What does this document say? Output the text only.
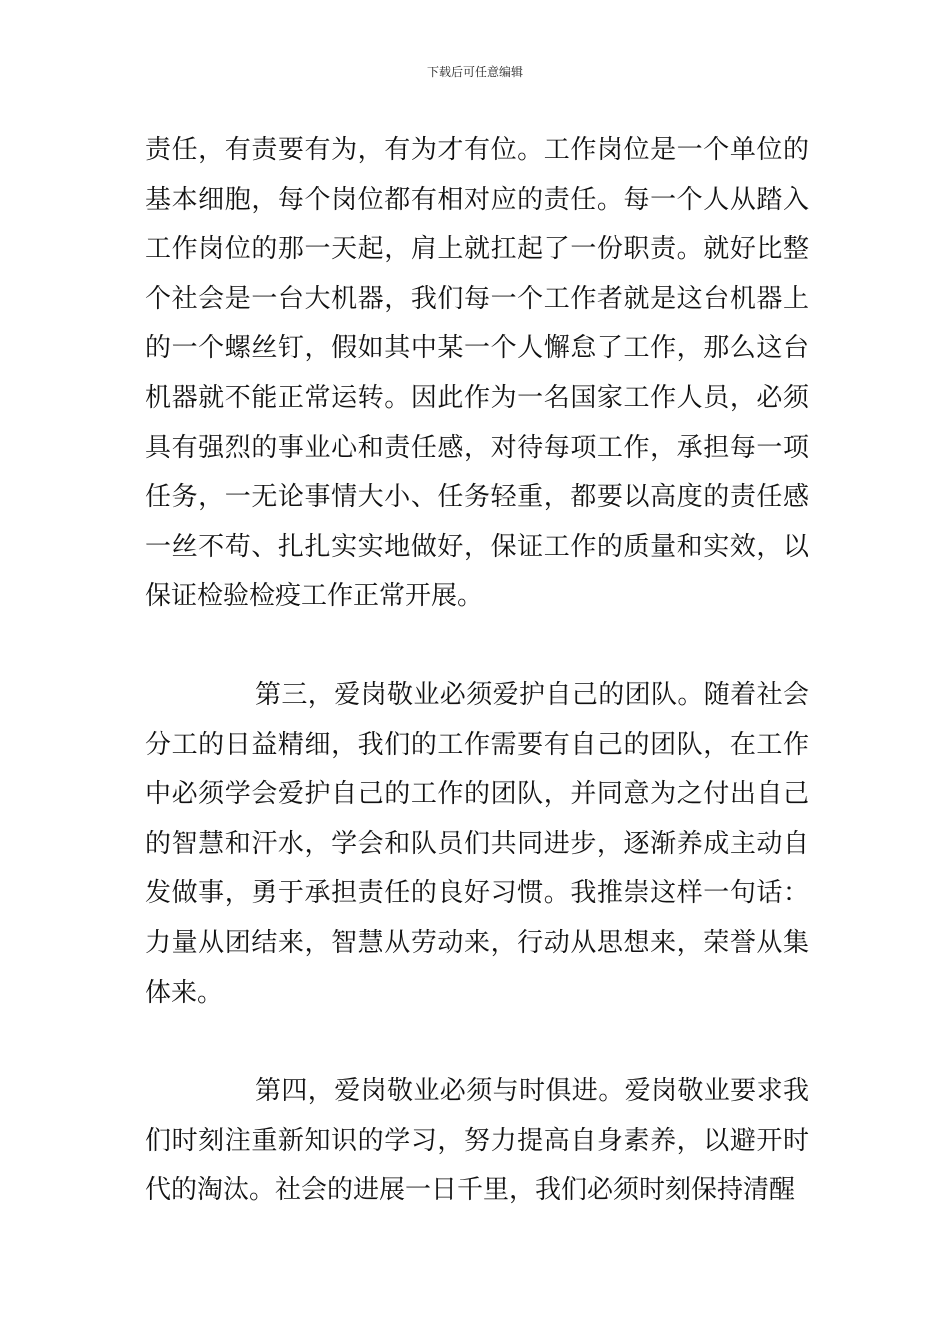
下载后可任意编辑

责任，有责要有为，有为才有位。工作岗位是一个单位的基本细胞，每个岗位都有相对应的责任。每一个人从踏入工作岗位的那一天起，肩上就扛起了一份职责。就好比整个社会是一台大机器，我们每一个工作者就是这台机器上的一个螺丝钉，假如其中某一个人懈怠了工作，那么这台机器就不能正常运转。因此作为一名国家工作人员，必须具有强烈的事业心和责任感，对待每项工作，承担每一项任务，一无论事情大小、任务轻重，都要以高度的责任感一丝不苟、扎扎实实地做好，保证工作的质量和实效，以保证检验检疫工作正常开展。

第三，爱岗敬业必须爱护自己的团队。随着社会分工的日益精细，我们的工作需要有自己的团队，在工作中必须学会爱护自己的工作的团队，并同意为之付出自己的智慧和汗水，学会和队员们共同进步，逐渐养成主动自发做事，勇于承担责任的良好习惯。我推崇这样一句话：力量从团结来，智慧从劳动来，行动从思想来，荣誉从集体来。

第四，爱岗敬业必须与时俱进。爱岗敬业要求我们时刻注重新知识的学习，努力提高自身素养，以避开时代的淘汰。社会的进展一日千里，我们必须时刻保持清醒
